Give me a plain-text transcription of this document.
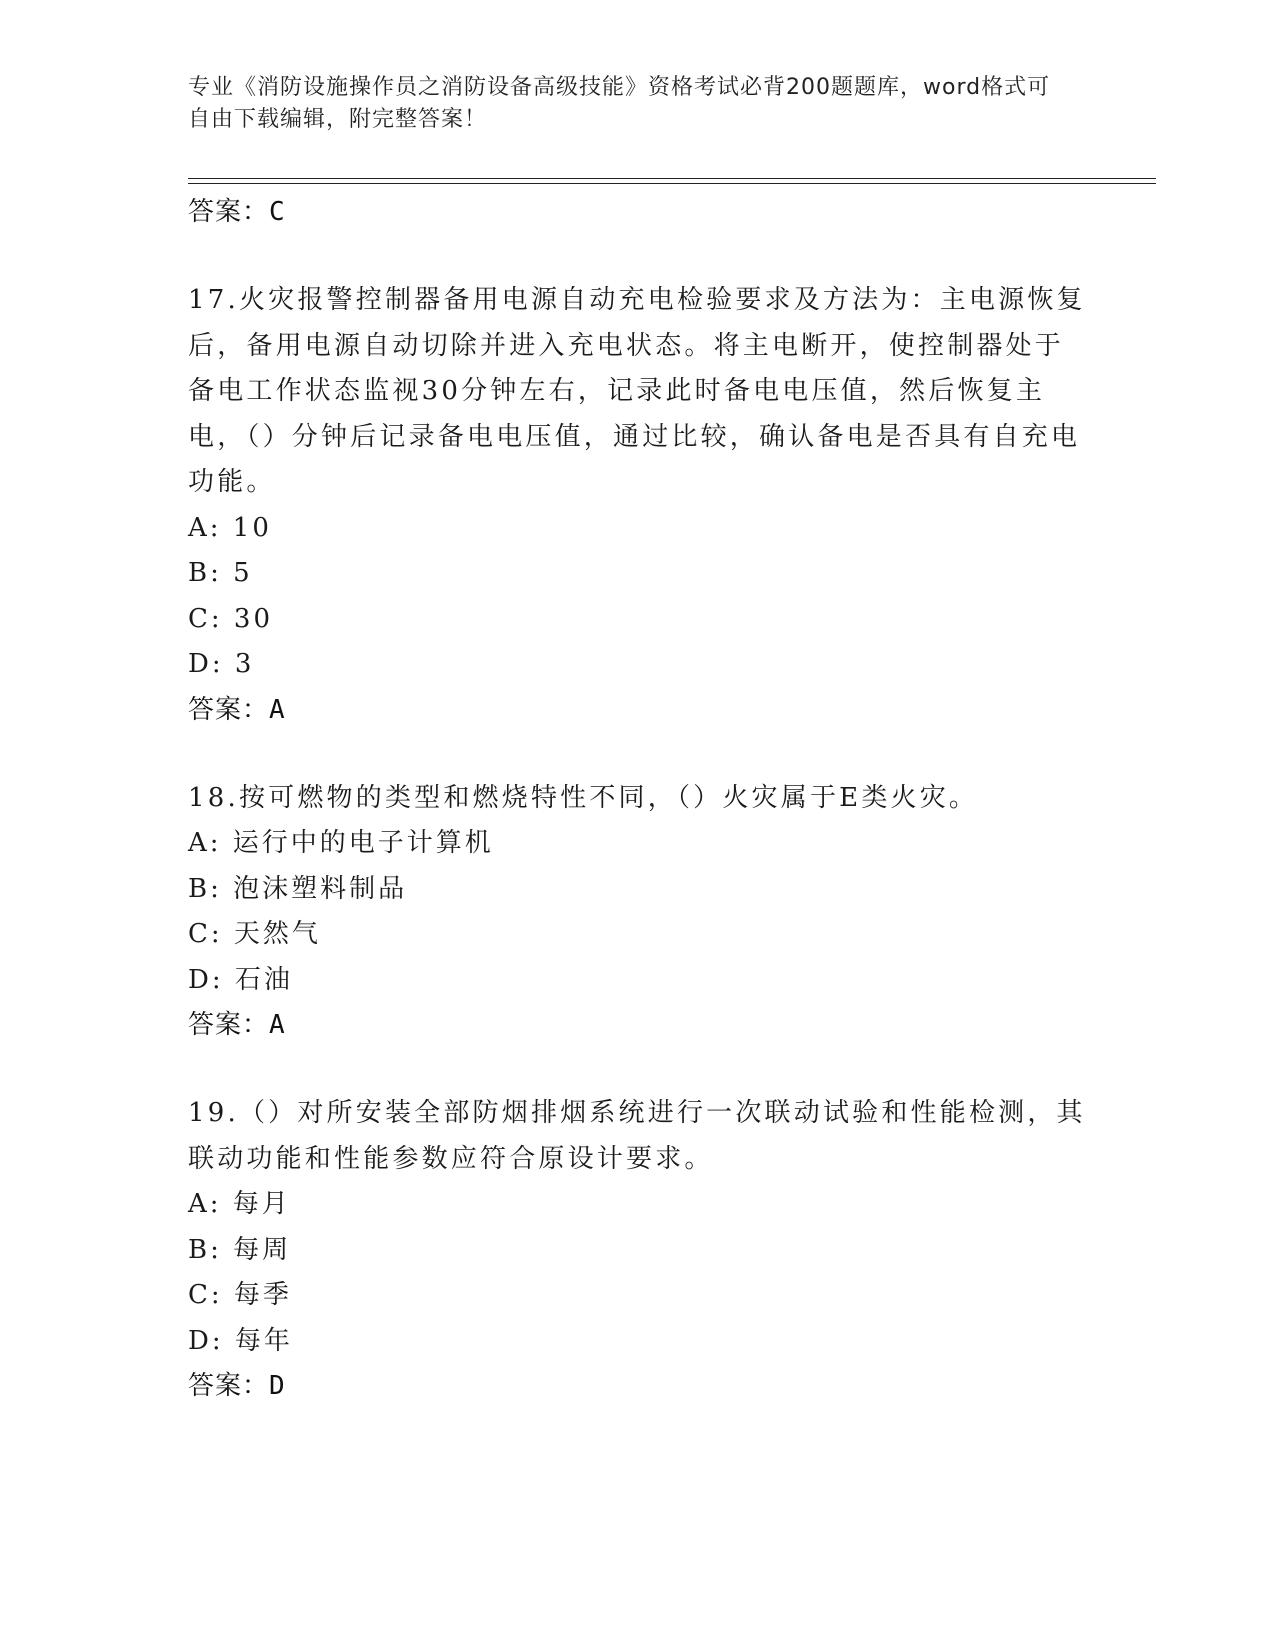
专业《消防设施操作员之消防设备高级技能》资格考试必背200题题库，word格式可自由下载编辑，附完整答案！
答案：C
17.火灾报警控制器备用电源自动充电检验要求及方法为：主电源恢复后，备用电源自动切除并进入充电状态。将主电断开，使控制器处于备电工作状态监视30分钟左右，记录此时备电电压值，然后恢复主电，（）分钟后记录备电电压值，通过比较，确认备电是否具有自充电功能。
A: 10
B: 5
C: 30
D: 3
答案：A
18.按可燃物的类型和燃烧特性不同，（）火灾属于E类火灾。
A: 运行中的电子计算机
B: 泡沫塑料制品
C: 天然气
D: 石油
答案：A
19.（）对所安装全部防烟排烟系统进行一次联动试验和性能检测，其联动功能和性能参数应符合原设计要求。
A: 每月
B: 每周
C: 每季
D: 每年
答案：D
